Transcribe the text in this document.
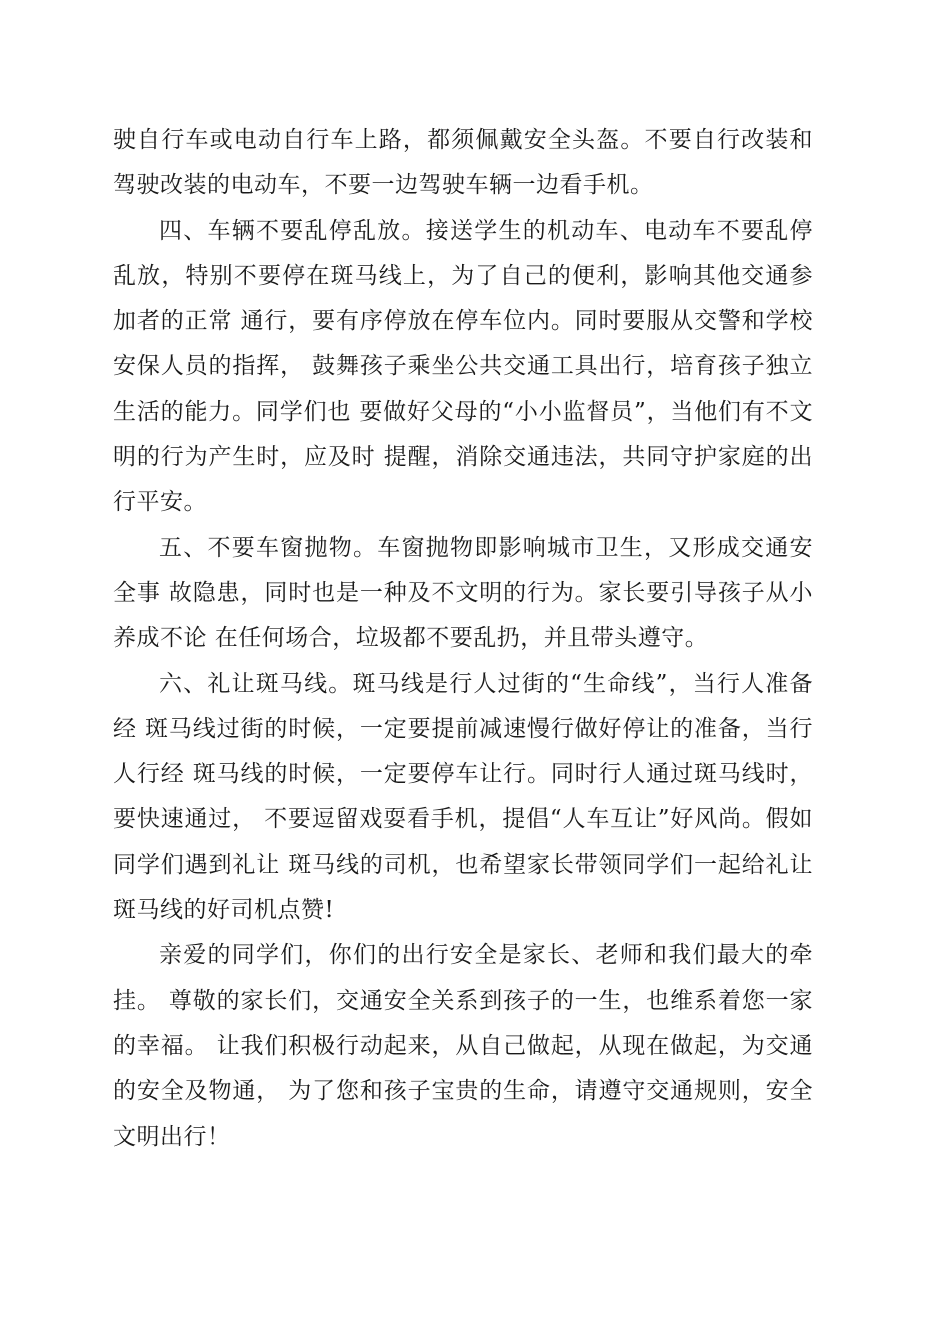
驶自行车或电动自行车上路，都须佩戴安全头盔。不要自行改装和 驾驶改装的电动车，不要一边驾驶车辆一边看手机。

四、车辆不要乱停乱放。接送学生的机动车、电动车不要乱停乱放，特别不要停在斑马线上，为了自己的便利，影响其他交通参加者的正常 通行，要有序停放在停车位内。同时要服从交警和学校安保人员的指挥， 鼓舞孩子乘坐公共交通工具出行，培育孩子独立生活的能力。同学们也 要做好父母的“小小监督员”，当他们有不文明的行为产生时，应及时 提醒，消除交通违法，共同守护家庭的出行平安。

五、不要车窗抛物。车窗抛物即影响城市卫生，又形成交通安全事 故隐患，同时也是一种及不文明的行为。家长要引导孩子从小养成不论 在任何场合，垃圾都不要乱扔，并且带头遵守。

六、礼让斑马线。斑马线是行人过街的“生命线”，当行人准备经 斑马线过街的时候，一定要提前减速慢行做好停让的准备，当行人行经 斑马线的时候，一定要停车让行。同时行人通过斑马线时，要快速通过， 不要逗留戏耍看手机，提倡“人车互让”好风尚。假如同学们遇到礼让 斑马线的司机，也希望家长带领同学们一起给礼让斑马线的好司机点赞!

亲爱的同学们，你们的出行安全是家长、老师和我们最大的牵挂。 尊敬的家长们，交通安全关系到孩子的一生，也维系着您一家的幸福。 让我们积极行动起来，从自己做起，从现在做起，为交通的安全及物通， 为了您和孩子宝贵的生命，请遵守交通规则，安全文明出行！
